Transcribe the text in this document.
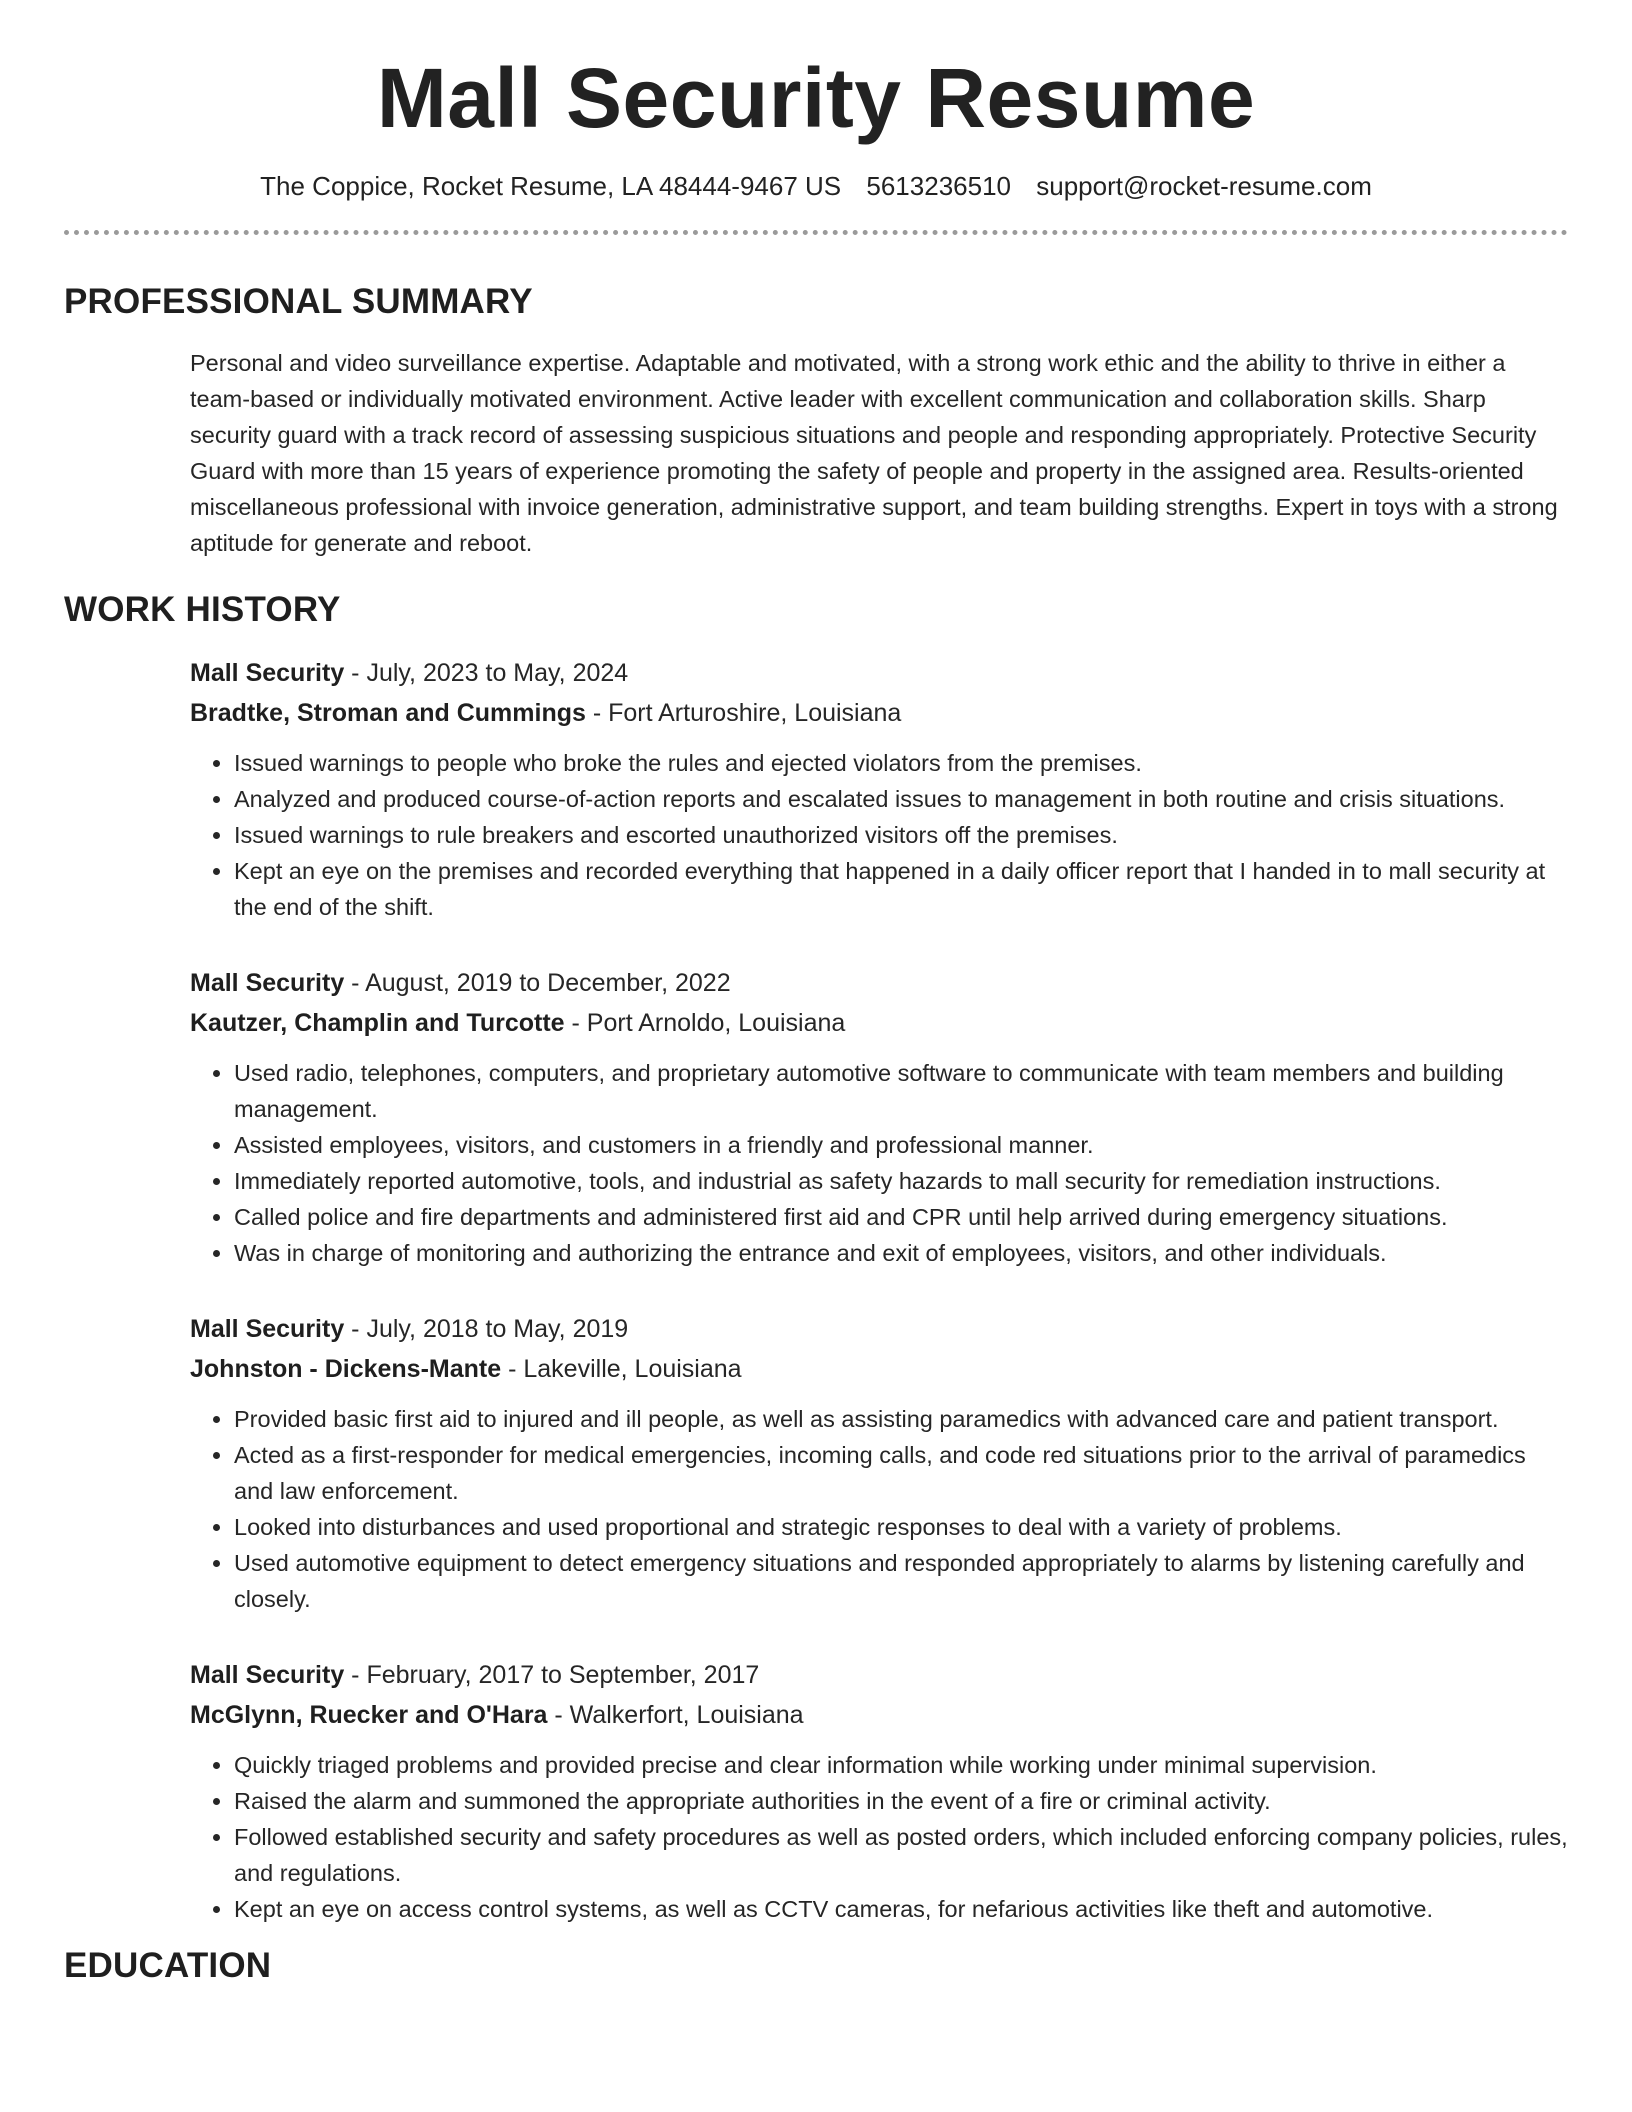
Mall Security Resume
The Coppice, Rocket Resume, LA 48444-9467 US 5613236510 support@rocket-resume.com
PROFESSIONAL SUMMARY

Personal and video surveillance expertise. Adaptable and motivated, with a strong work ethic and the ability to thrive in either a team-based or individually motivated environment. Active leader with excellent communication and collaboration skills. Sharp security guard with a track record of assessing suspicious situations and people and responding appropriately. Protective Security Guard with more than 15 years of experience promoting the safety of people and property in the assigned area. Results-oriented miscellaneous professional with invoice generation, administrative support, and team building strengths. Expert in toys with a strong aptitude for generate and reboot.

WORK HISTORY

Mall Security - July, 2023 to May, 2024

Bradtke, Stroman and Cummings - Fort Arturoshire, Louisiana

• Issued warnings to people who broke the rules and ejected violators from the premises.
• Analyzed and produced course-of-action reports and escalated issues to management in both routine and crisis situations.
• Issued warnings to rule breakers and escorted unauthorized visitors off the premises.
• Kept an eye on the premises and recorded everything that happened in a daily officer report that I handed in to mall security at the end of the shift.

Mall Security - August, 2019 to December, 2022

Kautzer, Champlin and Turcotte - Port Arnoldo, Louisiana

• Used radio, telephones, computers, and proprietary automotive software to communicate with team members and building management.
• Assisted employees, visitors, and customers in a friendly and professional manner.
• Immediately reported automotive, tools, and industrial as safety hazards to mall security for remediation instructions.
• Called police and fire departments and administered first aid and CPR until help arrived during emergency situations.
• Was in charge of monitoring and authorizing the entrance and exit of employees, visitors, and other individuals.

Mall Security - July, 2018 to May, 2019

Johnston - Dickens-Mante - Lakeville, Louisiana

• Provided basic first aid to injured and ill people, as well as assisting paramedics with advanced care and patient transport.
• Acted as a first-responder for medical emergencies, incoming calls, and code red situations prior to the arrival of paramedics and law enforcement.
• Looked into disturbances and used proportional and strategic responses to deal with a variety of problems.
• Used automotive equipment to detect emergency situations and responded appropriately to alarms by listening carefully and closely.

Mall Security - February, 2017 to September, 2017

McGlynn, Ruecker and O'Hara - Walkerfort, Louisiana

• Quickly triaged problems and provided precise and clear information while working under minimal supervision.
• Raised the alarm and summoned the appropriate authorities in the event of a fire or criminal activity.
• Followed established security and safety procedures as well as posted orders, which included enforcing company policies, rules, and regulations.
• Kept an eye on access control systems, as well as CCTV cameras, for nefarious activities like theft and automotive.
EDUCATION
